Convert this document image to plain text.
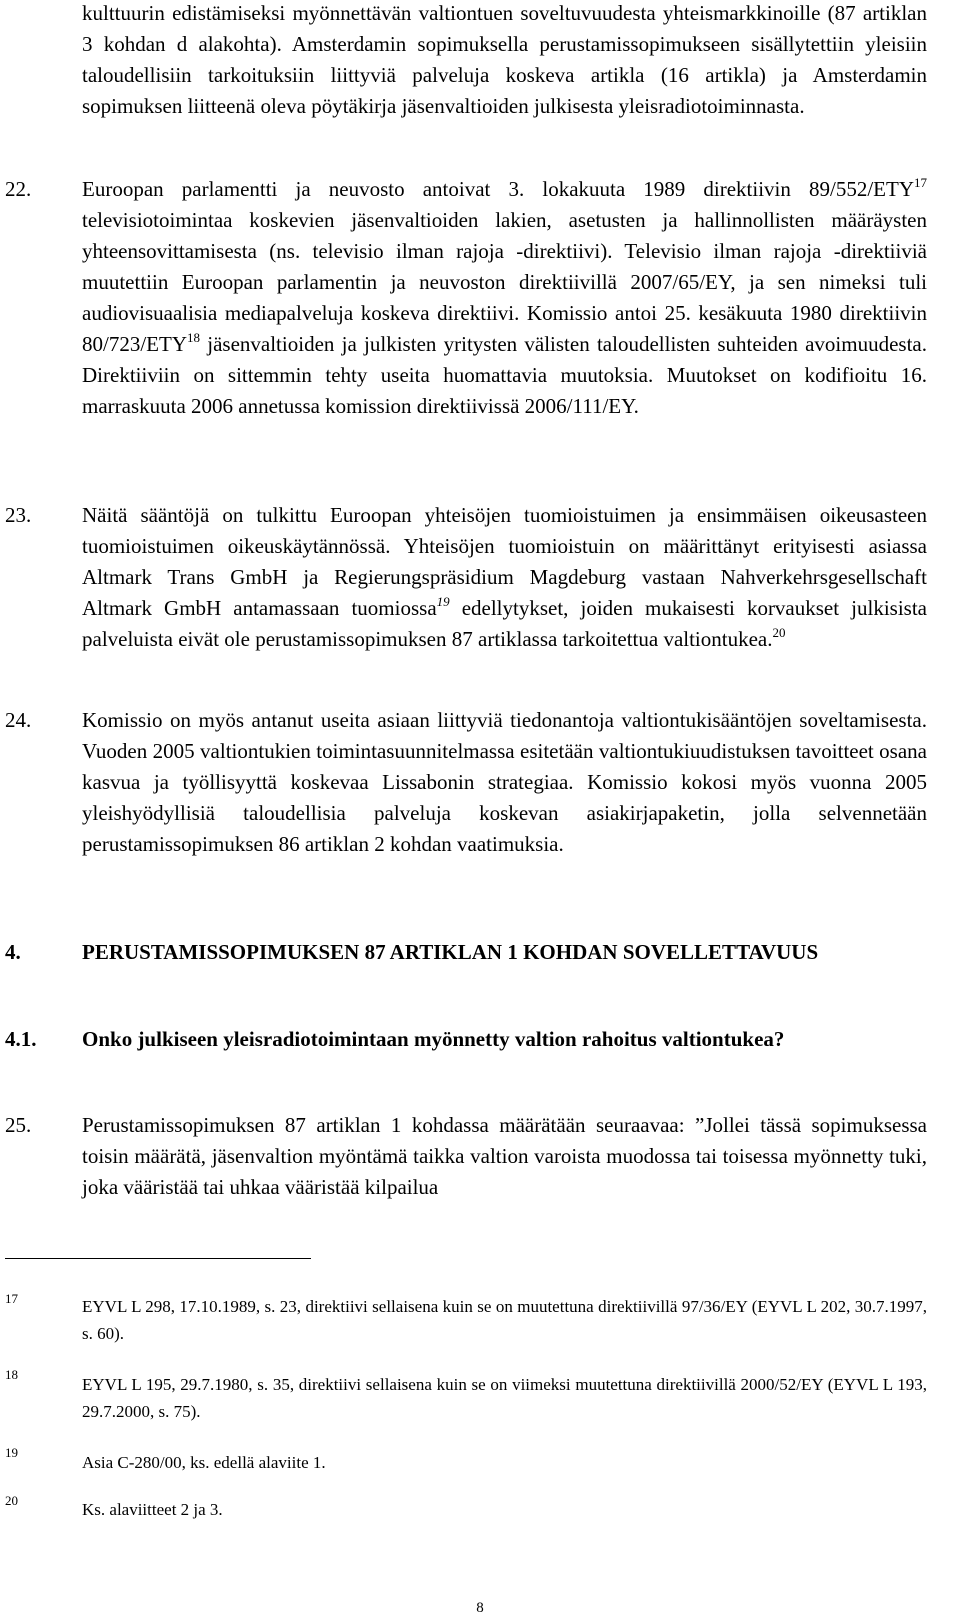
kulttuurin edistämiseksi myönnettävän valtiontuen soveltuvuudesta yhteismarkkinoille (87 artiklan 3 kohdan d alakohta). Amsterdamin sopimuksella perustamissopimukseen sisällytettiin yleisiin taloudellisiin tarkoituksiin liittyviä palveluja koskeva artikla (16 artikla) ja Amsterdamin sopimuksen liitteenä oleva pöytäkirja jäsenvaltioiden julkisesta yleisradiotoiminnasta.

22. Euroopan parlamentti ja neuvosto antoivat 3. lokakuuta 1989 direktiivin 89/552/ETY$^{17}$ televisiotoimintaa koskevien jäsenvaltioiden lakien, asetusten ja hallinnollisten määräysten yhteensovittamisesta (ns. televisio ilman rajoja -direktiivi). Televisio ilman rajoja -direktiiviä muutettiin Euroopan parlamentin ja neuvoston direktiivillä 2007/65/EY, ja sen nimeksi tuli audiovisuaalisia mediapalveluja koskeva direktiivi. Komissio antoi 25. kesäkuuta 1980 direktiivin 80/723/ETY$^{18}$ jäsenvaltioiden ja julkisten yritysten välisten taloudellisten suhteiden avoimuudesta. Direktiiviin on sittemmin tehty useita huomattavia muutoksia. Muutokset on kodifioitu 16. marraskuuta 2006 annetussa komission direktiivissä 2006/111/EY.

23. Näitä sääntöjä on tulkittu Euroopan yhteisöjen tuomioistuimen ja ensimmäisen oikeusasteen tuomioistuimen oikeuskäytännössä. Yhteisöjen tuomioistuin on määrittänyt erityisesti asiassa Altmark Trans GmbH ja Regierungspräsidium Magdeburg vastaan Nahverkehrsgesellschaft Altmark GmbH antamassaan tuomiossa$^{19}$ edellytykset, joiden mukaisesti korvaukset julkisista palveluista eivät ole perustamissopimuksen 87 artiklassa tarkoitettua valtiontukea.$^{20}$

24. Komissio on myös antanut useita asiaan liittyviä tiedonantoja valtiontukisääntöjen soveltamisesta. Vuoden 2005 valtiontukien toimintasuunnitelmassa esitetään valtiontukiuudistuksen tavoitteet osana kasvua ja työllisyyttä koskevaa Lissabonin strategiaa. Komissio kokosi myös vuonna 2005 yleishyödyllisiä taloudellisia palveluja koskevan asiakirjapaketin, jolla selvennetään perustamissopimuksen 86 artiklan 2 kohdan vaatimuksia.

4.	PERUSTAMISSOPIMUKSEN 87 ARTIKLAN 1 KOHDAN SOVELLETTAVUUS

4.1. Onko julkiseen yleisradiotoimintaan myönnetty valtion rahoitus valtiontukea?

25. Perustamissopimuksen 87 artiklan 1 kohdassa määrätään seuraavaa: ”Jollei tässä sopimuksessa toisin määrätä, jäsenvaltion myöntämä taikka valtion varoista muodossa tai toisessa myönnetty tuki, joka vääristää tai uhkaa vääristää kilpailua

17	EYVL L 298, 17.10.1989, s. 23, direktiivi sellaisena kuin se on muutettuna direktiivillä 97/36/EY (EYVL L 202, 30.7.1997, s. 60).
18
EYVL L 195, 29.7.1980, s. 35, direktiivi sellaisena kuin se on viimeksi muutettuna direktiivillä 2000/52/EY (EYVL L 193, 29.7.2000, s. 75).
19
Asia C-280/00, ks. edellä alaviite 1.
20	Ks. alaviitteet 2 ja 3.
8
